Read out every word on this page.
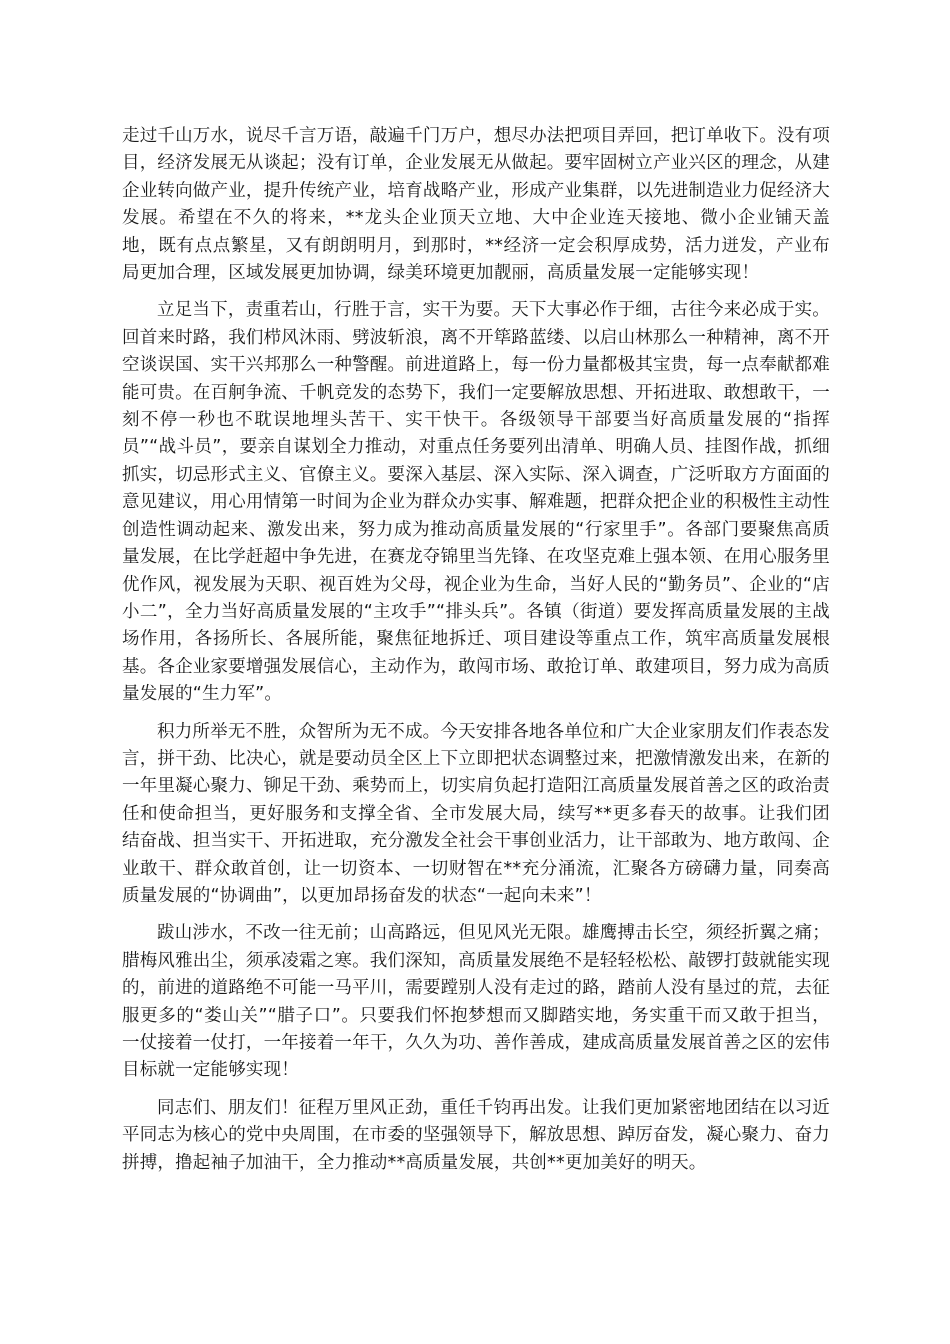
走过千山万水，说尽千言万语，敲遍千门万户，想尽办法把项目弄回，把订单收下。没有项目，经济发展无从谈起；没有订单，企业发展无从做起。要牢固树立产业兴区的理念，从建企业转向做产业，提升传统产业，培育战略产业，形成产业集群，以先进制造业力促经济大发展。希望在不久的将来，**龙头企业顶天立地、大中企业连天接地、微小企业铺天盖地，既有点点繁星，又有朗朗明月，到那时，**经济一定会积厚成势，活力迸发，产业布局更加合理，区域发展更加协调，绿美环境更加靓丽，高质量发展一定能够实现！

立足当下，责重若山，行胜于言，实干为要。天下大事必作于细，古往今来必成于实。回首来时路，我们栉风沐雨、劈波斩浪，离不开筚路蓝缕、以启山林那么一种精神，离不开空谈误国、实干兴邦那么一种警醒。前进道路上，每一份力量都极其宝贵，每一点奉献都难能可贵。在百舸争流、千帆竞发的态势下，我们一定要解放思想、开拓进取、敢想敢干，一刻不停一秒也不耽误地埋头苦干、实干快干。各级领导干部要当好高质量发展的“指挥员”“战斗员”，要亲自谋划全力推动，对重点任务要列出清单、明确人员、挂图作战，抓细抓实，切忌形式主义、官僚主义。要深入基层、深入实际、深入调查，广泛听取方方面面的意见建议，用心用情第一时间为企业为群众办实事、解难题，把群众把企业的积极性主动性创造性调动起来、激发出来，努力成为推动高质量发展的“行家里手”。各部门要聚焦高质量发展，在比学赶超中争先进，在赛龙夺锦里当先锋、在攻坚克难上强本领、在用心服务里优作风，视发展为天职、视百姓为父母，视企业为生命，当好人民的“勤务员”、企业的“店小二”，全力当好高质量发展的“主攻手”“排头兵”。各镇（街道）要发挥高质量发展的主战场作用，各扬所长、各展所能，聚焦征地拆迁、项目建设等重点工作，筑牢高质量发展根基。各企业家要增强发展信心，主动作为，敢闯市场、敢抢订单、敢建项目，努力成为高质量发展的“生力军”。

积力所举无不胜，众智所为无不成。今天安排各地各单位和广大企业家朋友们作表态发言，拼干劲、比决心，就是要动员全区上下立即把状态调整过来，把激情激发出来，在新的一年里凝心聚力、铆足干劲、乘势而上，切实肩负起打造阳江高质量发展首善之区的政治责任和使命担当，更好服务和支撑全省、全市发展大局，续写**更多春天的故事。让我们团结奋战、担当实干、开拓进取，充分激发全社会干事创业活力，让干部敢为、地方敢闯、企业敢干、群众敢首创，让一切资本、一切财智在**充分涌流，汇聚各方磅礴力量，同奏高质量发展的“协调曲”，以更加昂扬奋发的状态“一起向未来”！

跋山涉水，不改一往无前；山高路远，但见风光无限。雄鹰搏击长空，须经折翼之痛；腊梅风雅出尘，须承凌霜之寒。我们深知，高质量发展绝不是轻轻松松、敲锣打鼓就能实现的，前进的道路绝不可能一马平川，需要蹚别人没有走过的路，踏前人没有垦过的荒，去征服更多的“娄山关”“腊子口”。只要我们怀抱梦想而又脚踏实地，务实重干而又敢于担当，一仗接着一仗打，一年接着一年干，久久为功、善作善成，建成高质量发展首善之区的宏伟目标就一定能够实现！

同志们、朋友们！征程万里风正劲，重任千钧再出发。让我们更加紧密地团结在以习近平同志为核心的党中央周围，在市委的坚强领导下，解放思想、踔厉奋发，凝心聚力、奋力拼搏，撸起袖子加油干，全力推动**高质量发展，共创**更加美好的明天。
